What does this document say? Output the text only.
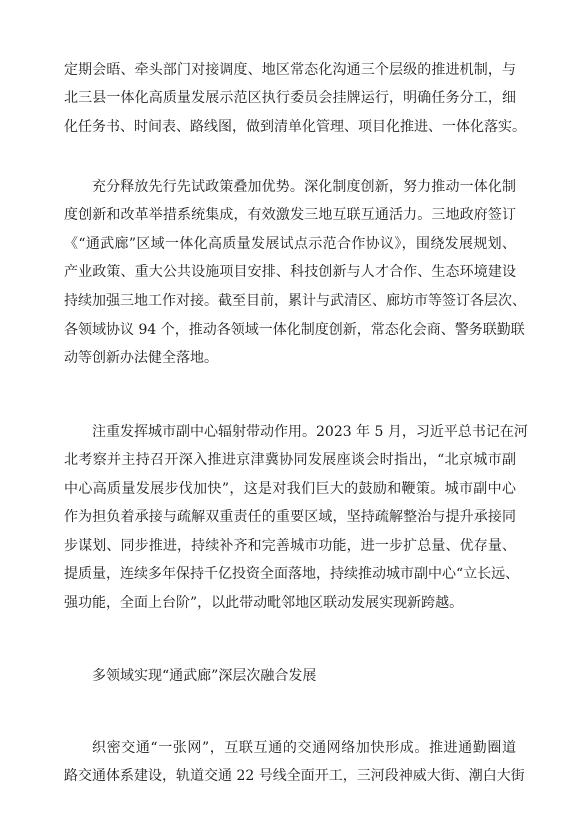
定期会晤、牵头部门对接调度、地区常态化沟通三个层级的推进机制，与
北三县一体化高质量发展示范区执行委员会挂牌运行，明确任务分工，细
化任务书、时间表、路线图，做到清单化管理、项目化推进、一体化落实。
充分释放先行先试政策叠加优势。深化制度创新，努力推动一体化制
度创新和改革举措系统集成，有效激发三地互联互通活力。三地政府签订
《“通武廊”区域一体化高质量发展试点示范合作协议》，围绕发展规划、
产业政策、重大公共设施项目安排、科技创新与人才合作、生态环境建设
持续加强三地工作对接。截至目前，累计与武清区、廊坊市等签订各层次、
各领域协议 94 个，推动各领域一体化制度创新，常态化会商、警务联勤联
动等创新办法健全落地。
注重发挥城市副中心辐射带动作用。2023 年 5 月，习近平总书记在河
北考察并主持召开深入推进京津冀协同发展座谈会时指出，“北京城市副
中心高质量发展步伐加快”，这是对我们巨大的鼓励和鞭策。城市副中心
作为担负着承接与疏解双重责任的重要区域，坚持疏解整治与提升承接同
步谋划、同步推进，持续补齐和完善城市功能，进一步扩总量、优存量、
提质量，连续多年保持千亿投资全面落地，持续推动城市副中心“立长远、
强功能，全面上台阶”，以此带动毗邻地区联动发展实现新跨越。
多领域实现“通武廊”深层次融合发展
织密交通“一张网”，互联互通的交通网络加快形成。推进通勤圈道
路交通体系建设，轨道交通 22 号线全面开工，三河段神威大街、潮白大街
